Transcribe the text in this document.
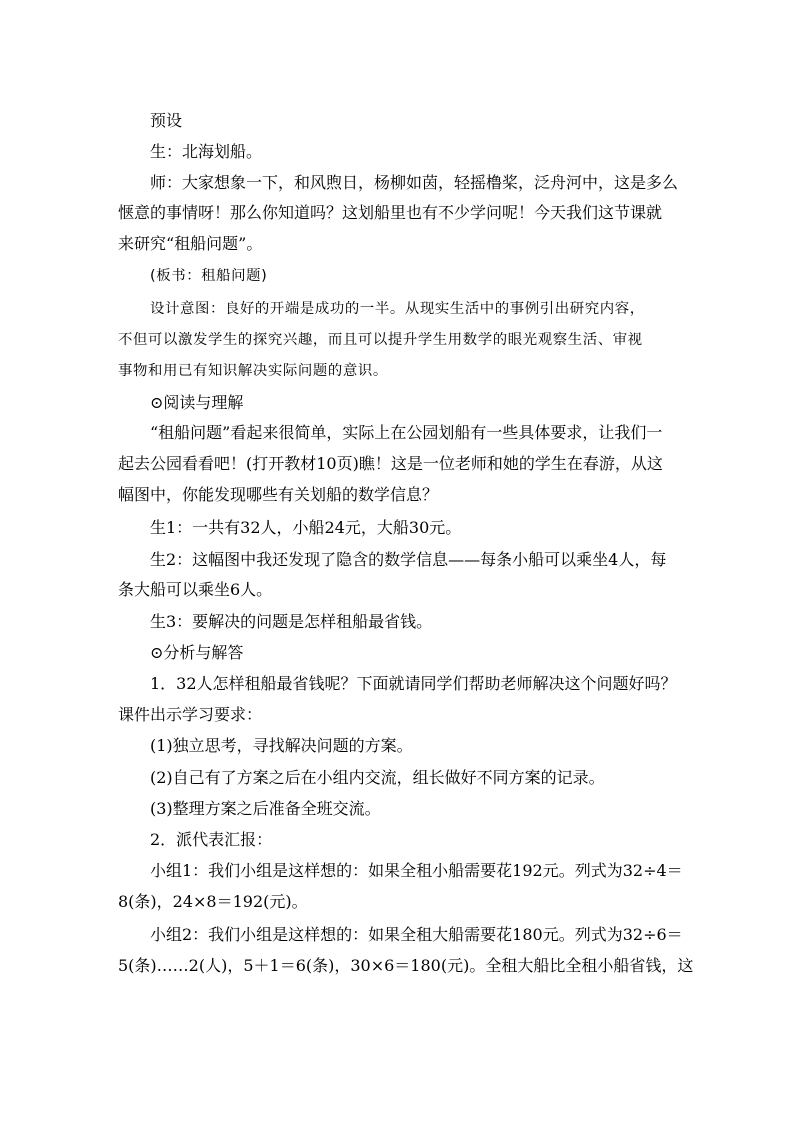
预设

生：北海划船。

师：大家想象一下，和风煦日，杨柳如茵，轻摇橹桨，泛舟河中，这是多么

惬意的事情呀！那么你知道吗？这划船里也有不少学问呢！今天我们这节课就

来研究“租船问题”。

(板书：租船问题)

设计意图：良好的开端是成功的一半。从现实生活中的事例引出研究内容，

不但可以激发学生的探究兴趣，而且可以提升学生用数学的眼光观察生活、审视

事物和用已有知识解决实际问题的意识。

⊙阅读与理解

“租船问题”看起来很简单，实际上在公园划船有一些具体要求，让我们一

起去公园看看吧！(打开教材10页)瞧！这是一位老师和她的学生在春游，从这

幅图中，你能发现哪些有关划船的数学信息？

生1：一共有32人，小船24元，大船30元。

生2：这幅图中我还发现了隐含的数学信息——每条小船可以乘坐4人，每

条大船可以乘坐6人。

生3：要解决的问题是怎样租船最省钱。

⊙分析与解答

1．32人怎样租船最省钱呢？下面就请同学们帮助老师解决这个问题好吗？

课件出示学习要求：

(1)独立思考，寻找解决问题的方案。

(2)自己有了方案之后在小组内交流，组长做好不同方案的记录。

(3)整理方案之后准备全班交流。

2．派代表汇报：

小组1：我们小组是这样想的：如果全租小船需要花192元。列式为32÷4＝

8(条)，24×8＝192(元)。

小组2：我们小组是这样想的：如果全租大船需要花180元。列式为32÷6＝

5(条)……2(人)，5＋1＝6(条)，30×6＝180(元)。全租大船比全租小船省钱，这
